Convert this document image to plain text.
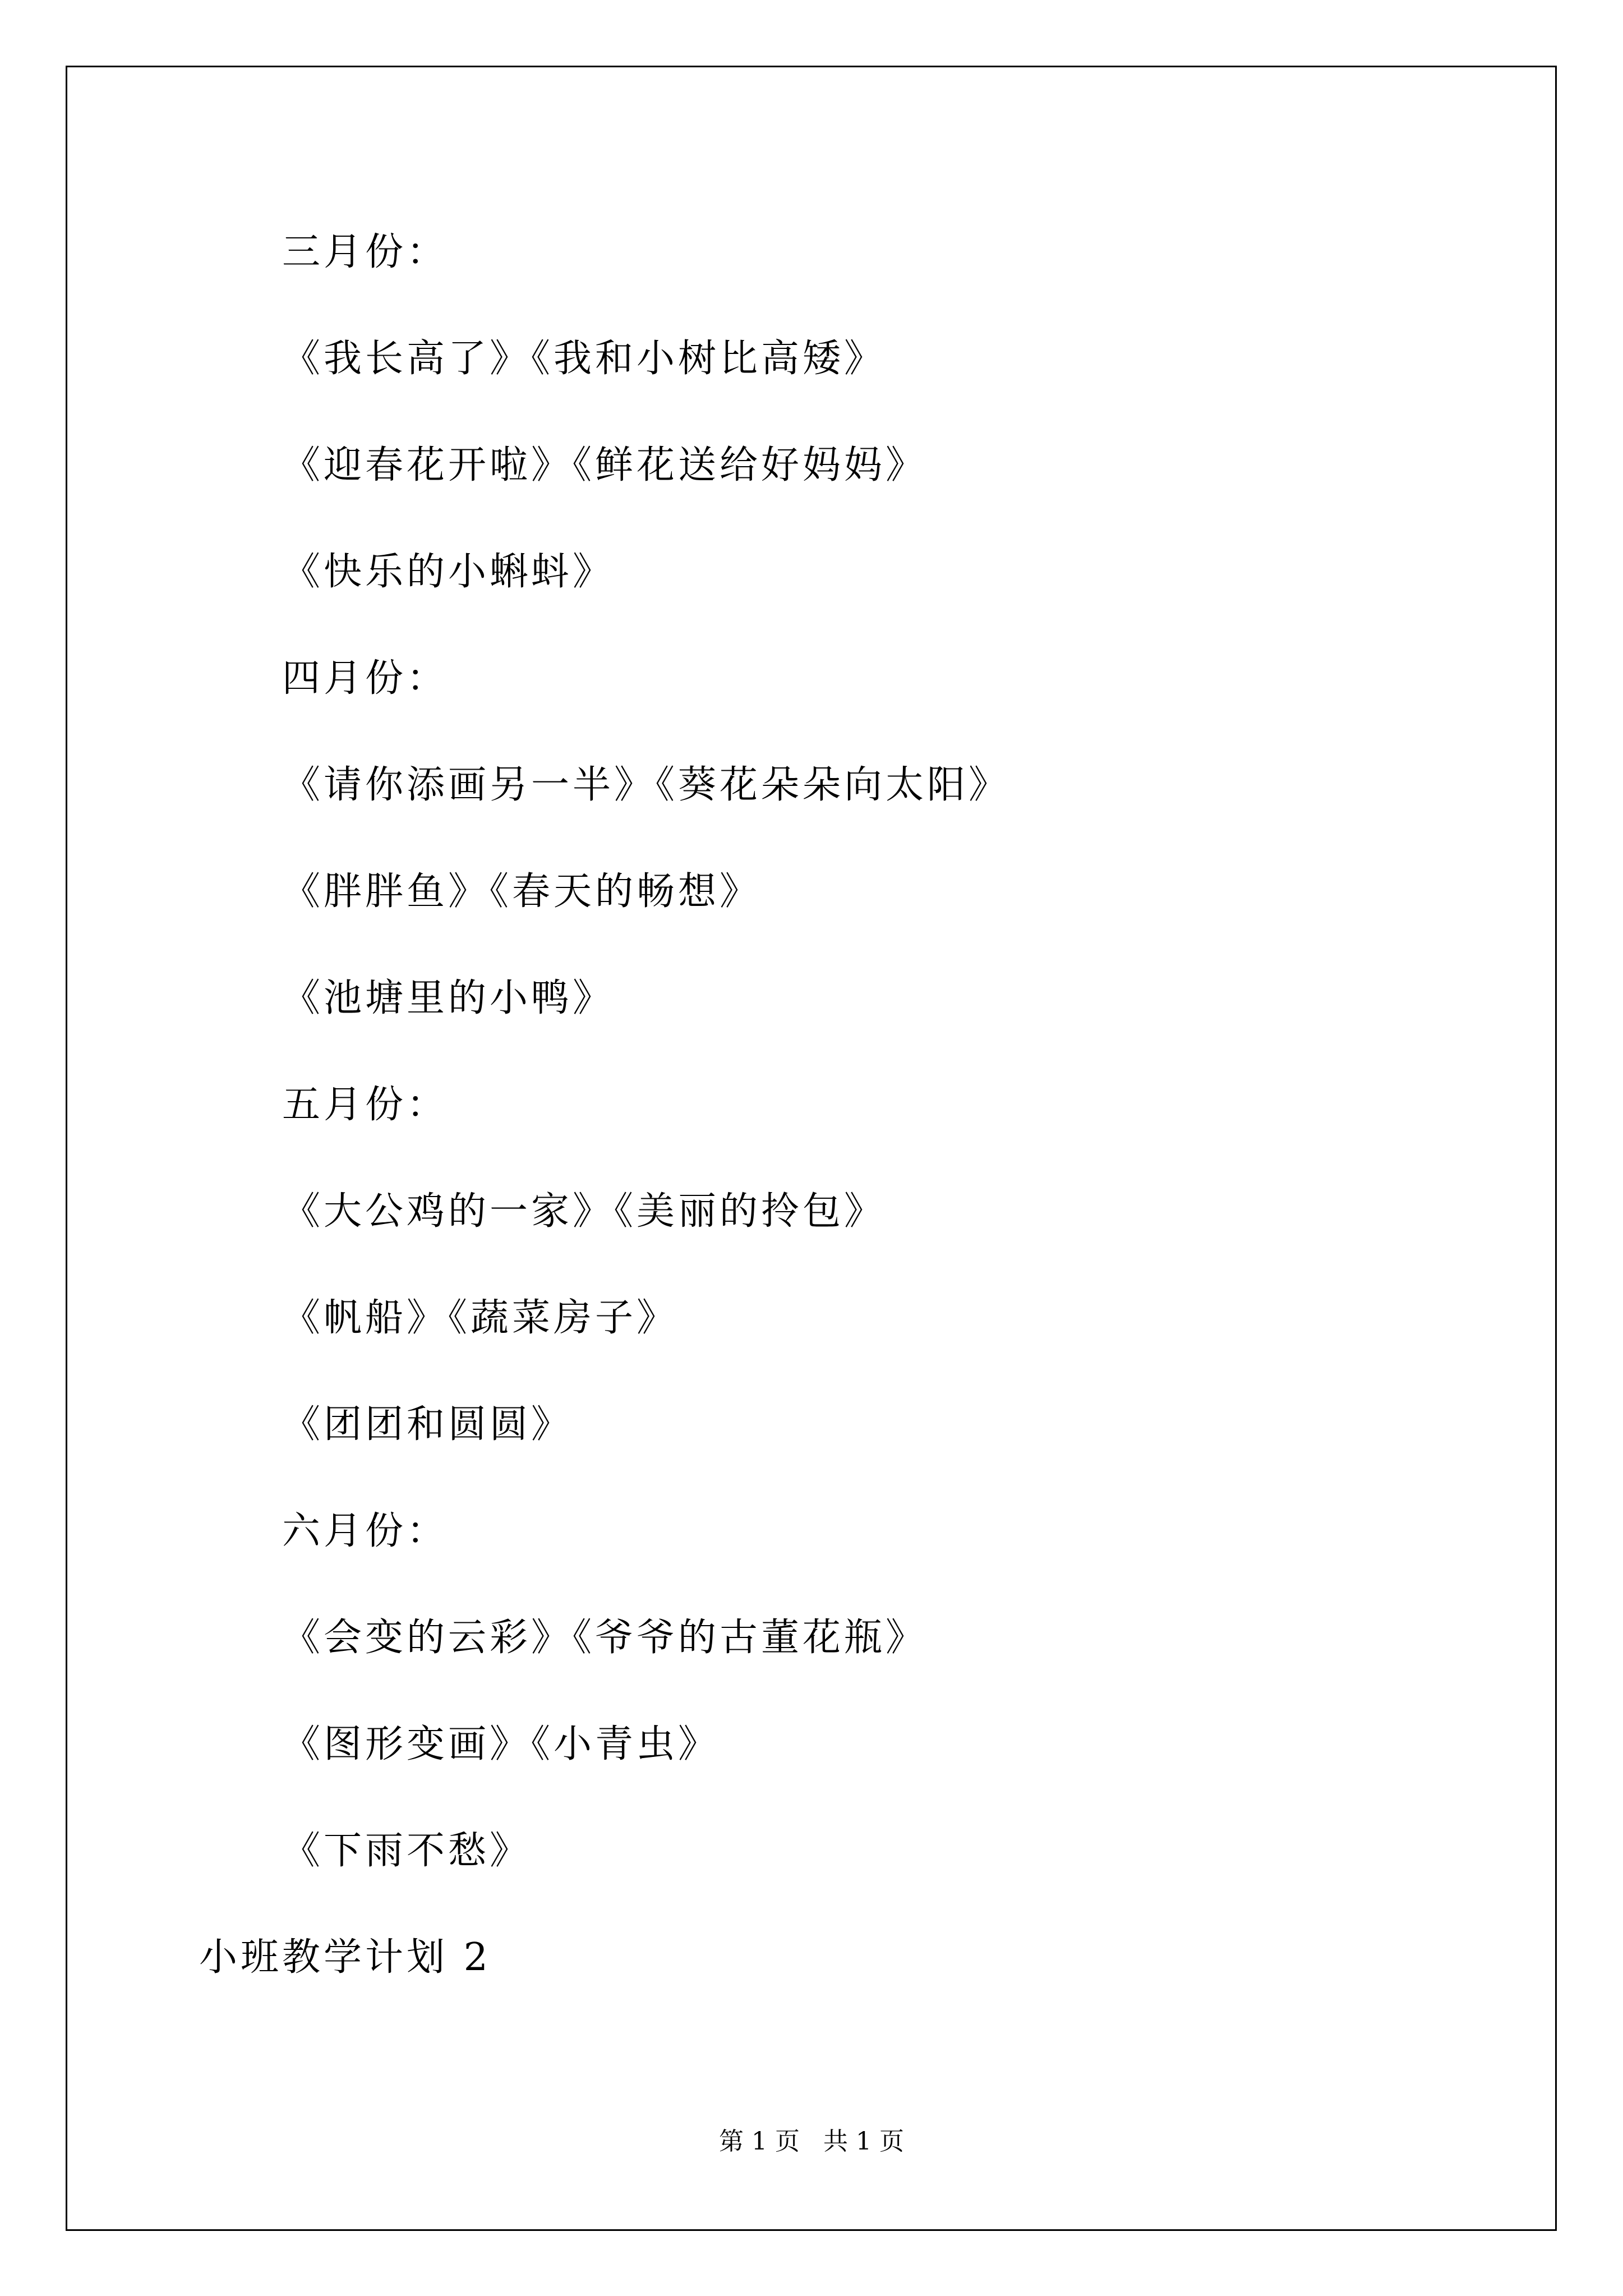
三月份：
《我长高了》《我和小树比高矮》
《迎春花开啦》《鲜花送给好妈妈》
《快乐的小蝌蚪》
四月份：
《请你添画另一半》《葵花朵朵向太阳》
《胖胖鱼》《春天的畅想》
《池塘里的小鸭》
五月份：
《大公鸡的一家》《美丽的拎包》
《帆船》《蔬菜房子》
《团团和圆圆》
六月份：
《会变的云彩》《爷爷的古董花瓶》
《图形变画》《小青虫》
《下雨不愁》
小班教学计划 2
第 1 页   共 1 页
